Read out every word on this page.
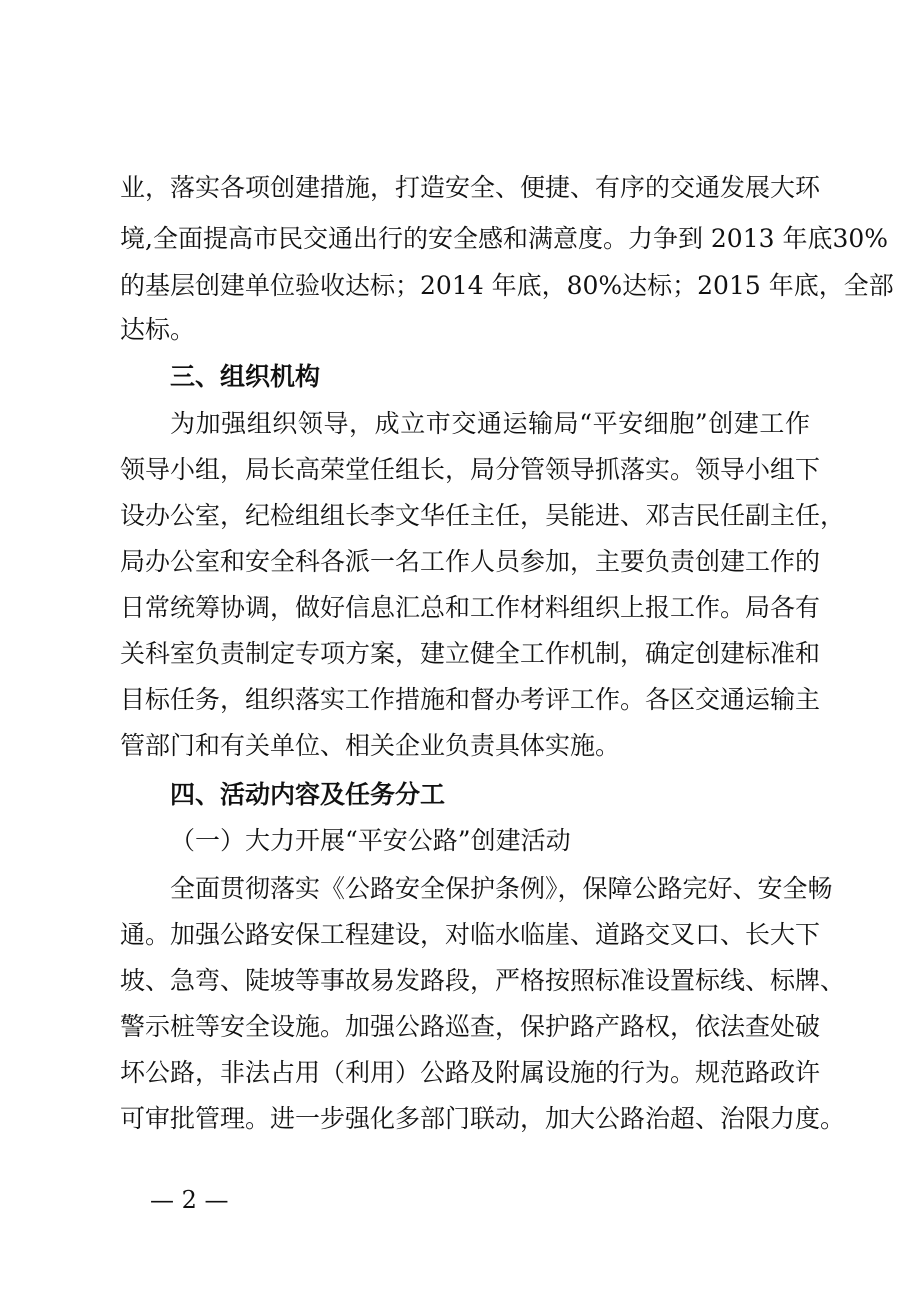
业，落实各项创建措施，打造安全、便捷、有序的交通发展大环
境,全面提高市民交通出行的安全感和满意度。力争到 2013 年底30%
的基层创建单位验收达标；2014 年底，80%达标；2015 年底，全部
达标。
三、组织机构
为加强组织领导，成立市交通运输局“平安细胞”创建工作
领导小组，局长高荣堂任组长，局分管领导抓落实。领导小组下
设办公室，纪检组组长李文华任主任，吴能进、邓吉民任副主任，
局办公室和安全科各派一名工作人员参加，主要负责创建工作的
日常统筹协调，做好信息汇总和工作材料组织上报工作。局各有
关科室负责制定专项方案，建立健全工作机制，确定创建标准和
目标任务，组织落实工作措施和督办考评工作。各区交通运输主
管部门和有关单位、相关企业负责具体实施。
四、活动内容及任务分工
（一）大力开展“平安公路”创建活动
全面贯彻落实《公路安全保护条例》，保障公路完好、安全畅
通。加强公路安保工程建设，对临水临崖、道路交叉口、长大下
坡、急弯、陡坡等事故易发路段，严格按照标准设置标线、标牌、
警示桩等安全设施。加强公路巡查，保护路产路权，依法查处破
坏公路，非法占用（利用）公路及附属设施的行为。规范路政许
可审批管理。进一步强化多部门联动，加大公路治超、治限力度。
— 2 —
